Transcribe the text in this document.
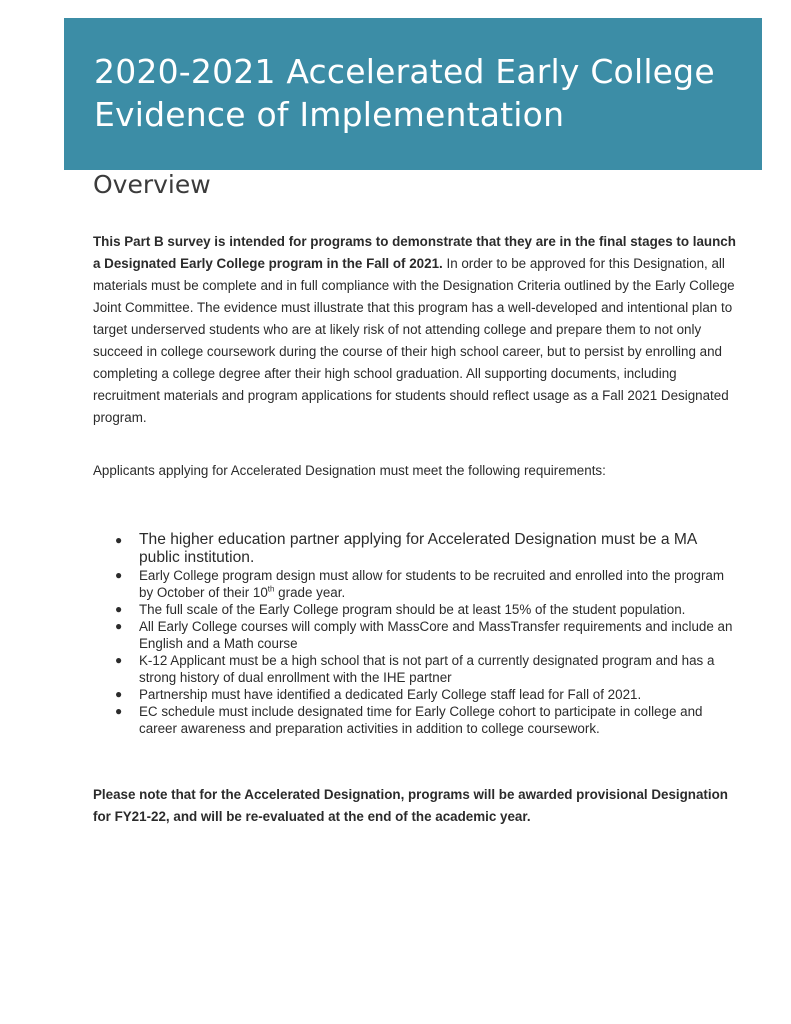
2020-2021 Accelerated Early College
Evidence of Implementation
Overview

This Part B survey is intended for programs to demonstrate that they are in the final stages to launch a Designated Early College program in the Fall of 2021. In order to be approved for this Designation, all materials must be complete and in full compliance with the Designation Criteria outlined by the Early College Joint Committee. The evidence must illustrate that this program has a well-developed and intentional plan to target underserved students who are at likely risk of not attending college and prepare them to not only succeed in college coursework during the course of their high school career, but to persist by enrolling and completing a college degree after their high school graduation. All supporting documents, including recruitment materials and program applications for students should reflect usage as a Fall 2021 Designated program.

Applicants applying for Accelerated Designation must meet the following requirements:

● The higher education partner applying for Accelerated Designation must be a MA public institution.
● Early College program design must allow for students to be recruited and enrolled into the program by October of their 10th grade year.
● The full scale of the Early College program should be at least 15% of the student population.
● All Early College courses will comply with MassCore and MassTransfer requirements and include an English and a Math course
● K-12 Applicant must be a high school that is not part of a currently designated program and has a strong history of dual enrollment with the IHE partner
● Partnership must have identified a dedicated Early College staff lead for Fall of 2021.
● EC schedule must include designated time for Early College cohort to participate in college and career awareness and preparation activities in addition to college coursework.

Please note that for the Accelerated Designation, programs will be awarded provisional Designation for FY21-22, and will be re-evaluated at the end of the academic year.
